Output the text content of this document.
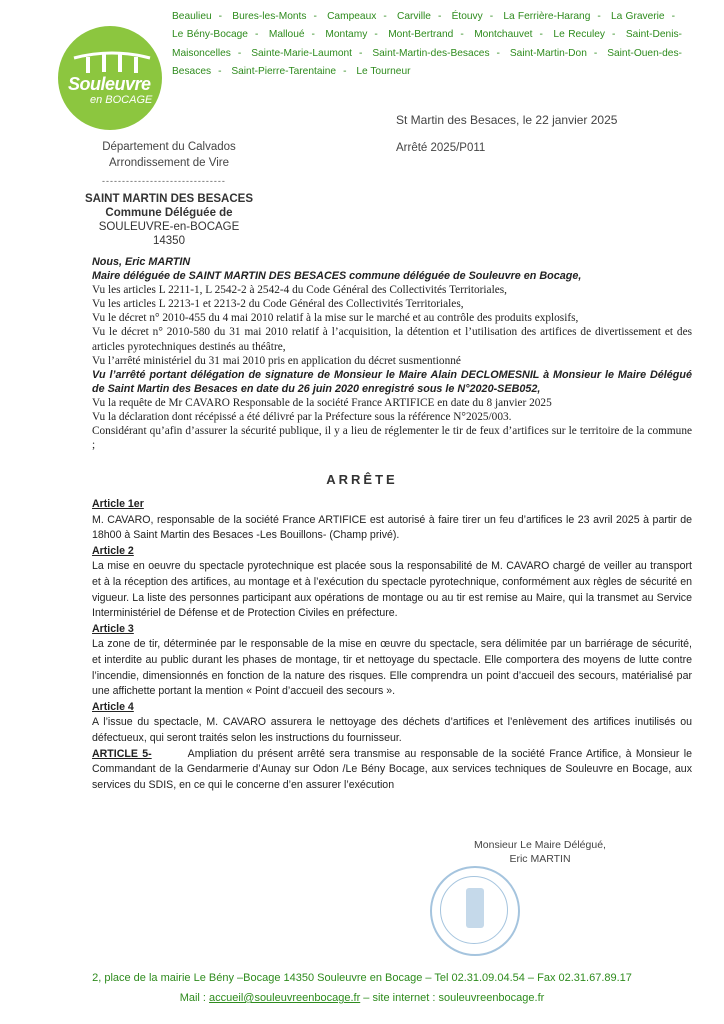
Souleuvre
en BOCAGE
Beaulieu - Bures-les-Monts - Campeaux - Carville - Étouvy - La Ferrière-Harang - La Graverie - Le Bény-Bocage - Malloué - Montamy - Mont-Bertrand - Montchauvet - Le Reculey - Saint-Denis-Maisoncelles - Sainte-Marie-Laumont - Saint-Martin-des-Besaces - Saint-Martin-Don - Saint-Ouen-des-Besaces - Saint-Pierre-Tarentaine - Le Tourneur
St Martin des Besaces, le 22 janvier 2025
Arrêté 2025/P011
Département du Calvados
Arrondissement de Vire
-------------------------------
SAINT MARTIN DES BESACES
Commune Déléguée de
SOULEUVRE-en-BOCAGE
14350

Nous, Eric MARTIN

Maire déléguée de SAINT MARTIN DES BESACES commune déléguée de Souleuvre en Bocage,

Vu les articles L 2211-1, L 2542-2 à 2542-4 du Code Général des Collectivités Territoriales,

Vu les articles L 2213-1 et 2213-2 du Code Général des Collectivités Territoriales,

Vu le décret n° 2010-455 du 4 mai 2010 relatif à la mise sur le marché et au contrôle des produits explosifs,

Vu le décret n° 2010-580 du 31 mai 2010 relatif à l’acquisition, la détention et l’utilisation des artifices de divertissement et des articles pyrotechniques destinés au théâtre,

Vu l’arrêté ministériel du 31 mai 2010 pris en application du décret susmentionné

Vu l’arrêté portant délégation de signature de Monsieur le Maire Alain DECLOMESNIL à Monsieur le Maire Délégué de Saint Martin des Besaces en date du 26 juin 2020 enregistré sous le N°2020-SEB052,

Vu la requête de Mr CAVARO Responsable de la société France ARTIFICE en date du 8 janvier 2025

Vu la déclaration dont récépissé a été délivré par la Préfecture sous la référence N°2025/003.

Considérant qu’afin d’assurer la sécurité publique, il y a lieu de réglementer le tir de feux d’artifices sur le territoire de la commune ;

ARRÊTE
Article 1er

M. CAVARO, responsable de la société France ARTIFICE est autorisé à faire tirer un feu d’artifices le 23 avril 2025 à partir de 18h00 à Saint Martin des Besaces -Les Bouillons- (Champ privé).

Article 2

La mise en oeuvre du spectacle pyrotechnique est placée sous la responsabilité de M. CAVARO chargé de veiller au transport et à la réception des artifices, au montage et à l’exécution du spectacle pyrotechnique, conformément aux règles de sécurité en vigueur. La liste des personnes participant aux opérations de montage ou au tir est remise au Maire, qui la transmet au Service Interministériel de Défense et de Protection Civiles en préfecture.

Article 3

La zone de tir, déterminée par le responsable de la mise en œuvre du spectacle, sera délimitée par un barriérage de sécurité, et interdite au public durant les phases de montage, tir et nettoyage du spectacle. Elle comportera des moyens de lutte contre l’incendie, dimensionnés en fonction de la nature des risques. Elle comprendra un point d’accueil des secours, matérialisé par une affichette portant la mention « Point d’accueil des secours ».

Article 4

A l’issue du spectacle, M. CAVARO assurera le nettoyage des déchets d’artifices et l’enlèvement des artifices inutilisés ou défectueux, qui seront traités selon les instructions du fournisseur.

ARTICLE 5-	Ampliation du présent arrêté sera transmise au responsable de la société France Artifice, à Monsieur le Commandant de la Gendarmerie d’Aunay sur Odon /Le Bény Bocage, aux services techniques de Souleuvre en Bocage, aux services du SDIS, en ce qui le concerne d’en assurer l’exécution

Monsieur Le Maire Délégué,
Eric MARTIN
2, place de la mairie Le Bény –Bocage 14350 Souleuvre en Bocage – Tel 02.31.09.04.54 – Fax 02.31.67.89.17
Mail : accueil@souleuvreenbocage.fr – site internet : souleuvreenbocage.fr
